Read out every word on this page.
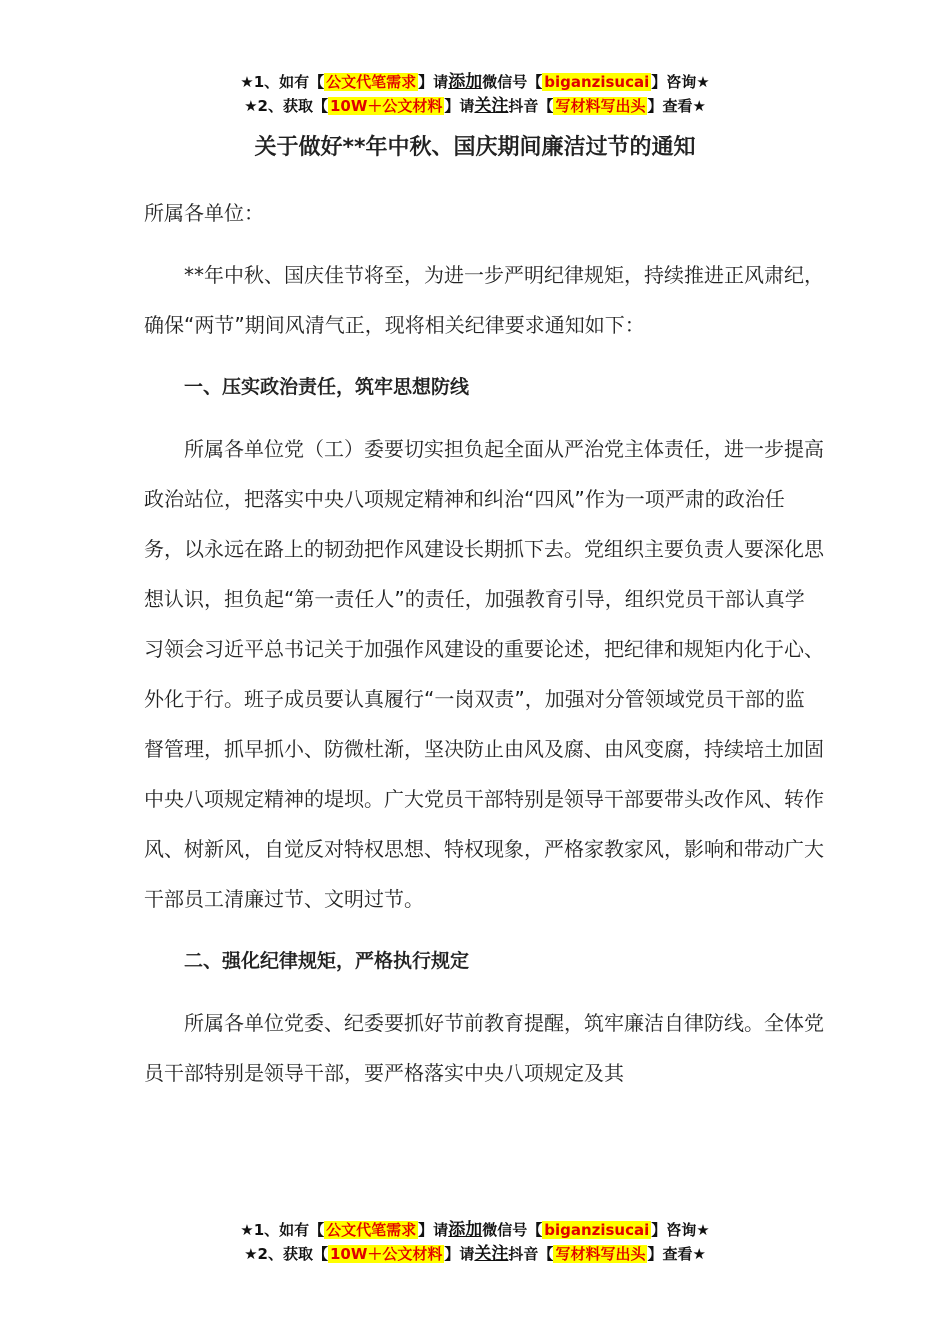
★1、如有【 公文代笔需求 】请添加微信号【 biganzisucai 】咨询★
★2、获取【 10W＋公文材料 】请关注抖音【 写材料写出头 】查看★
关于做好**年中秋、国庆期间廉洁过节的通知

所属各单位：

**年中秋、国庆佳节将至，为进一步严明纪律规矩，持续推进正风肃纪，确保“两节”期间风清气正，现将相关纪律要求通知如下：

一、压实政治责任，筑牢思想防线

所属各单位党（工）委要切实担负起全面从严治党主体责任，进一步提高政治站位，把落实中央八项规定精神和纠治“四风”作为一项严肃的政治任务，以永远在路上的韧劲把作风建设长期抓下去。党组织主要负责人要深化思想认识，担负起“第一责任人”的责任，加强教育引导，组织党员干部认真学习领会习近平总书记关于加强作风建设的重要论述，把纪律和规矩内化于心、外化于行。班子成员要认真履行“一岗双责”，加强对分管领域党员干部的监督管理，抓早抓小、防微杜渐，坚决防止由风及腐、由风变腐，持续培土加固中央八项规定精神的堤坝。广大党员干部特别是领导干部要带头改作风、转作风、树新风，自觉反对特权思想、特权现象，严格家教家风，影响和带动广大干部员工清廉过节、文明过节。

二、强化纪律规矩，严格执行规定

所属各单位党委、纪委要抓好节前教育提醒，筑牢廉洁自律防线。全体党员干部特别是领导干部，要严格落实中央八项规定及其

★1、如有【 公文代笔需求 】请添加微信号【 biganzisucai 】咨询★
★2、获取【 10W＋公文材料 】请关注抖音【 写材料写出头 】查看★
